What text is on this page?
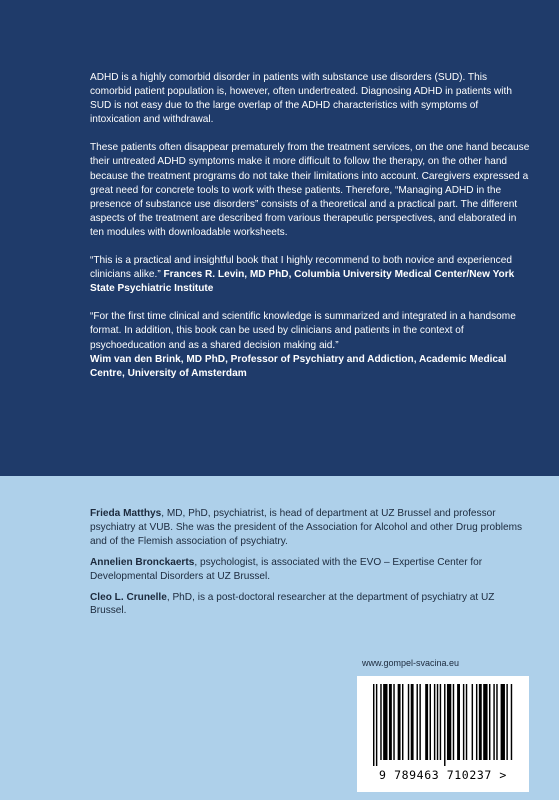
ADHD is a highly comorbid disorder in patients with substance use disorders (SUD). This comorbid patient population is, however, often undertreated. Diagnosing ADHD in patients with SUD is not easy due to the large overlap of the ADHD characteristics with symptoms of intoxication and withdrawal.

These patients often disappear prematurely from the treatment services, on the one hand because their untreated ADHD symptoms make it more difficult to follow the therapy, on the other hand because the treatment programs do not take their limitations into account. Caregivers expressed a great need for concrete tools to work with these patients. Therefore, “Managing ADHD in the presence of substance use disorders” consists of a theoretical and a practical part. The different aspects of the treatment are described from various therapeutic perspectives, and elaborated in ten modules with downloadable worksheets.

“This is a practical and insightful book that I highly recommend to both novice and experienced clinicians alike.” Frances R. Levin, MD PhD, Columbia University Medical Center/New York State Psychiatric Institute

“For the first time clinical and scientific knowledge is summarized and integrated in a handsome format. In addition, this book can be used by clinicians and patients in the context of psychoeducation and as a shared decision making aid.”
Wim van den Brink, MD PhD, Professor of Psychiatry and Addiction, Academic Medical Centre, University of Amsterdam

Frieda Matthys, MD, PhD, psychiatrist, is head of department at UZ Brussel and professor psychiatry at VUB. She was the president of the Association for Alcohol and other Drug problems and of the Flemish association of psychiatry.

Annelien Bronckaerts, psychologist, is associated with the EVO – Expertise Center for Developmental Disorders at UZ Brussel.

Cleo L. Crunelle, PhD, is a post-doctoral researcher at the department of psychiatry at UZ Brussel.

www.gompel-svacina.eu
9 789463 710237 >
